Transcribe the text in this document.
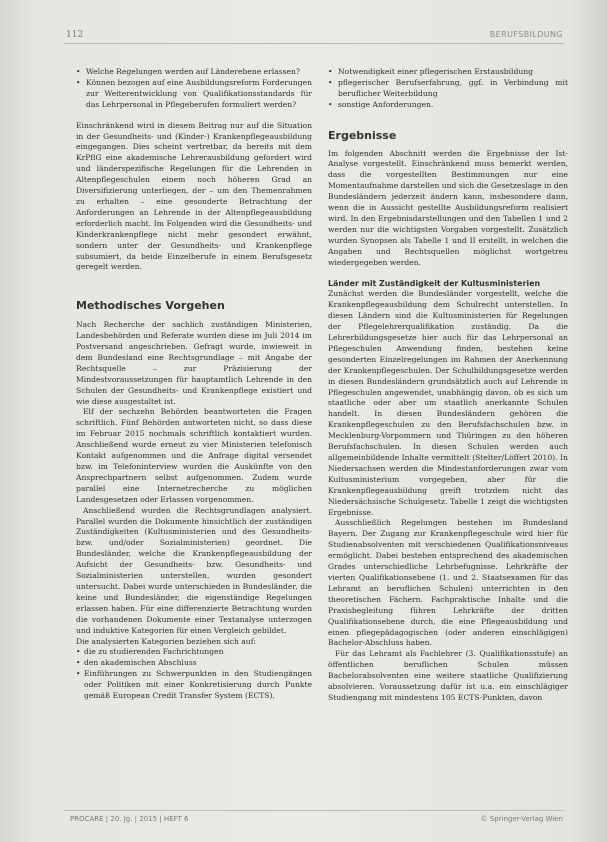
112	BERUFSBILDUNG
• Welche Regelungen werden auf Länderebene erlassen?
• Können bezogen auf eine Ausbildungsreform Forderungen zur Weiterentwicklung von Qualifikationsstandards für das Lehrpersonal in Pflegeberufen formuliert werden?

Einschränkend wird in diesem Beitrag nur auf die Situation in der Gesundheits- und (Kinder-) Krankenpflegeausbildung eingegangen. Dies scheint vertretbar, da bereits mit dem KrPflG eine akademische Lehrerausbildung gefordert wird und länderspezifische Regelungen für die Lehrenden in Altenpflegeschulen einem noch höheren Grad an Diversifizierung unterliegen, der – um den Themenrahmen zu erhalten – eine gesonderte Betrachtung der Anforderungen an Lehrende in der Altenpflegeausbildung erforderlich macht. Im Folgenden wird die Gesundheits- und Kinderkrankenpflege nicht mehr gesondert erwähnt, sondern unter der Gesundheits- und Krankenpflege subsumiert, da beide Einzelberufe in einem Berufsgesetz geregelt werden.

Methodisches Vorgehen

Nach Recherche der sachlich zuständigen Ministerien, Landesbehörden und Referate wurden diese im Juli 2014 im Postversand angeschrieben. Gefragt wurde, inwieweit in dem Bundesland eine Rechtsgrundlage – mit Angabe der Rechtsquelle – zur Präzisierung der Mindestvoraussetzungen für hauptamtlich Lehrende in den Schulen der Gesundheits- und Krankenpflege existiert und wie diese ausgestaltet ist.

Elf der sechzehn Behörden beantworteten die Fragen schriftlich. Fünf Behörden antworteten nicht, so dass diese im Februar 2015 nochmals schriftlich kontaktiert wurden. Anschließend wurde erneut zu vier Ministerien telefonisch Kontakt aufgenommen und die Anfrage digital versendet bzw. im Telefoninterview wurden die Auskünfte von den Ansprechpartnern selbst aufgenommen. Zudem wurde parallel eine Internetrecherche zu möglichen Landesgesetzen oder Erlassen vorgenommen.

Anschließend wurden die Rechtsgrundlagen analysiert. Parallel wurden die Dokumente hinsichtlich der zuständigen Zuständigkeiten (Kultusministerien und des Gesundheits- bzw. und/oder Sozialministerien) geordnet. Die Bundesländer, welche die Krankenpflegeausbildung der Aufsicht der Gesundheits- bzw. Gesundheits- und Sozialministerien unterstellen, wurden gesondert untersucht. Dabei wurde unterschieden in Bundesländer, die keine und Bundesländer, die eigenständige Regelungen erlassen haben. Für eine differenzierte Betrachtung wurden die vorhandenen Dokumente einer Textanalyse unterzogen und induktive Kategorien für einen Vergleich gebildet.

Die analysierten Kategorien beziehen sich auf:

• die zu studierenden Fachrichtungen
• den akademischen Abschluss
• Einführungen zu Schwerpunkten in den Studiengängen oder Politiken mit einer Konkretisierung durch Punkte gemäß European Credit Transfer System (ECTS),
• Notwendigkeit einer pflegerischen Erstausbildung
• pflegerischer Berufserfahrung, ggf. in Verbindung mit beruflicher Weiterbildung
• sonstige Anforderungen.
Ergebnisse

Im folgenden Abschnitt werden die Ergebnisse der Ist-Analyse vorgestellt. Einschränkend muss bemerkt werden, dass die vorgestellten Bestimmungen nur eine Momentaufnahme darstellen und sich die Gesetzeslage in den Bundesländern jederzeit ändern kann, insbesondere dann, wenn die in Aussicht gestellte Ausbildungsreform realisiert wird. In den Ergebnisdarstellungen und den Tabellen 1 und 2 werden nur die wichtigsten Vorgaben vorgestellt. Zusätzlich wurden Synopsen als Tabelle 1 und II erstellt, in welchen die Angaben und Rechtsquellen möglichst wortgetreu wiedergegeben werden.

Länder mit Zuständigkeit der Kultusministerien

Zunächst werden die Bundesländer vorgestellt, welche die Krankenpflegeausbildung dem Schulrecht unterstellen. In diesen Ländern sind die Kultusministerien für Regelungen der Pflegelehrerqualifikation zuständig. Da die Lehrerbildungsgesetze hier auch für das Lehrpersonal an Pflegeschulen Anwendung finden, bestehen keine gesonderten Einzelregelungen im Rahmen der Anerkennung der Krankenpflegeschulen. Der Schulbildungsgesetze werden in diesen Bundesländern grundsätzlich auch auf Lehrende in Pflegeschulen angewendet, unabhängig davon, ob es sich um staatliche oder aber um staatlich anerkannte Schulen handelt. In diesen Bundesländern gehören die Krankenpflegeschulen zu den Berufsfachschulen bzw. in Mecklenburg-Vorpommern und Thüringen zu den höheren Berufsfachschulen. In diesen Schulen werden auch allgemeinbildende Inhalte vermittelt (Stelter/Löffert 2010). In Niedersachsen werden die Mindestanforderungen zwar vom Kultusministerium vorgegeben, aber für die Krankenpflegeausbildung greift trotzdem nicht das Niedersächsische Schulgesetz. Tabelle 1 zeigt die wichtigsten Ergebnisse.

Ausschließlich Regelungen bestehen im Bundesland Bayern. Der Zugang zur Krankenpflegeschule wird hier für Studienabsolventen mit verschiedenen Qualifikationsniveaus ermöglicht. Dabei bestehen entsprechend des akademischen Grades unterschiedliche Lehrbefugnisse. Lehrkräfte der vierten Qualifikationsebene (1. und 2. Staatsexamen für das Lehramt an beruflichen Schulen) unterrichten in den theoretischen Fächern. Fachpraktische Inhalte und die Praxisbegleitung führen Lehrkräfte der dritten Qualifikationsebene durch, die eine Pflegeausbildung und einen pflegepädagogischen (oder anderen einschlägigen) Bachelor-Abschluss haben.

Für das Lehramt als Fachlehrer (3. Qualifikationsstufe) an öffentlichen beruflichen Schulen müssen Bachelorabsolventen eine weitere staatliche Qualifizierung absolvieren. Voraussetzung dafür ist u.a. ein einschlägiger Studiengang mit mindestens 105 ECTS-Punkten, davon

PROCARE | 20. Jg. | 2015 | HEFT 6	© Springer-Verlag Wien
